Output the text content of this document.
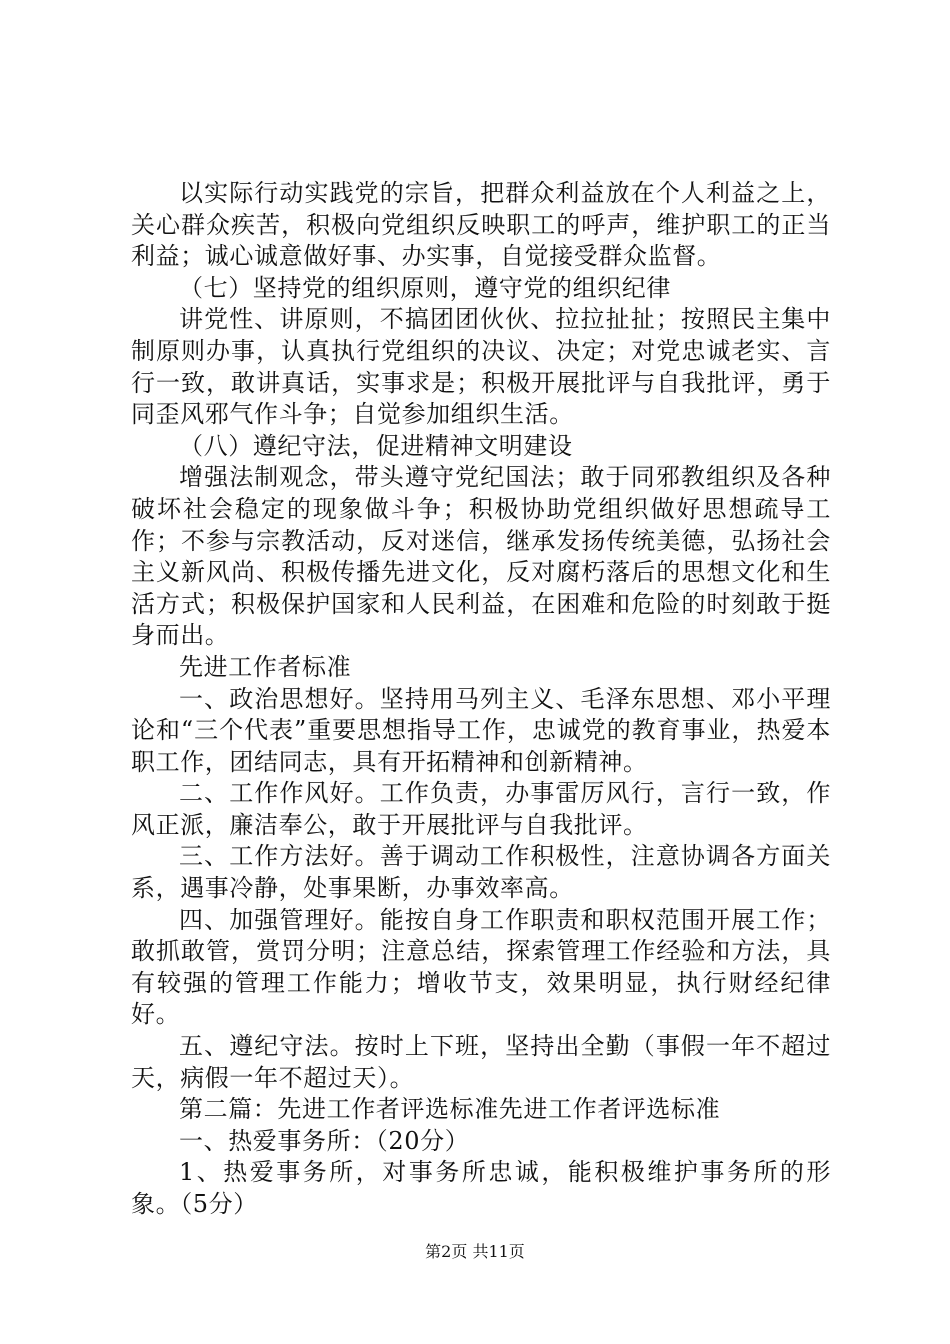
以实际行动实践党的宗旨，把群众利益放在个人利益之上，关心群众疾苦，积极向党组织反映职工的呼声，维护职工的正当利益；诚心诚意做好事、办实事，自觉接受群众监督。

（七）坚持党的组织原则，遵守党的组织纪律

讲党性、讲原则，不搞团团伙伙、拉拉扯扯；按照民主集中制原则办事，认真执行党组织的决议、决定；对党忠诚老实、言行一致，敢讲真话，实事求是；积极开展批评与自我批评，勇于同歪风邪气作斗争；自觉参加组织生活。

（八）遵纪守法，促进精神文明建设

增强法制观念，带头遵守党纪国法；敢于同邪教组织及各种破坏社会稳定的现象做斗争；积极协助党组织做好思想疏导工作；不参与宗教活动，反对迷信，继承发扬传统美德，弘扬社会主义新风尚、积极传播先进文化，反对腐朽落后的思想文化和生活方式；积极保护国家和人民利益，在困难和危险的时刻敢于挺身而出。

先进工作者标准

一、政治思想好。坚持用马列主义、毛泽东思想、邓小平理论和“三个代表”重要思想指导工作，忠诚党的教育事业，热爱本职工作，团结同志，具有开拓精神和创新精神。

二、工作作风好。工作负责，办事雷厉风行，言行一致，作风正派，廉洁奉公，敢于开展批评与自我批评。

三、工作方法好。善于调动工作积极性，注意协调各方面关系，遇事冷静，处事果断，办事效率高。

四、加强管理好。能按自身工作职责和职权范围开展工作；敢抓敢管，赏罚分明；注意总结，探索管理工作经验和方法，具有较强的管理工作能力；增收节支，效果明显，执行财经纪律好。

五、遵纪守法。按时上下班，坚持出全勤（事假一年不超过天，病假一年不超过天）。

第二篇：先进工作者评选标准先进工作者评选标准

一、热爱事务所：（20分）

1、热爱事务所，对事务所忠诚，能积极维护事务所的形象。（5分）

第2页 共11页
